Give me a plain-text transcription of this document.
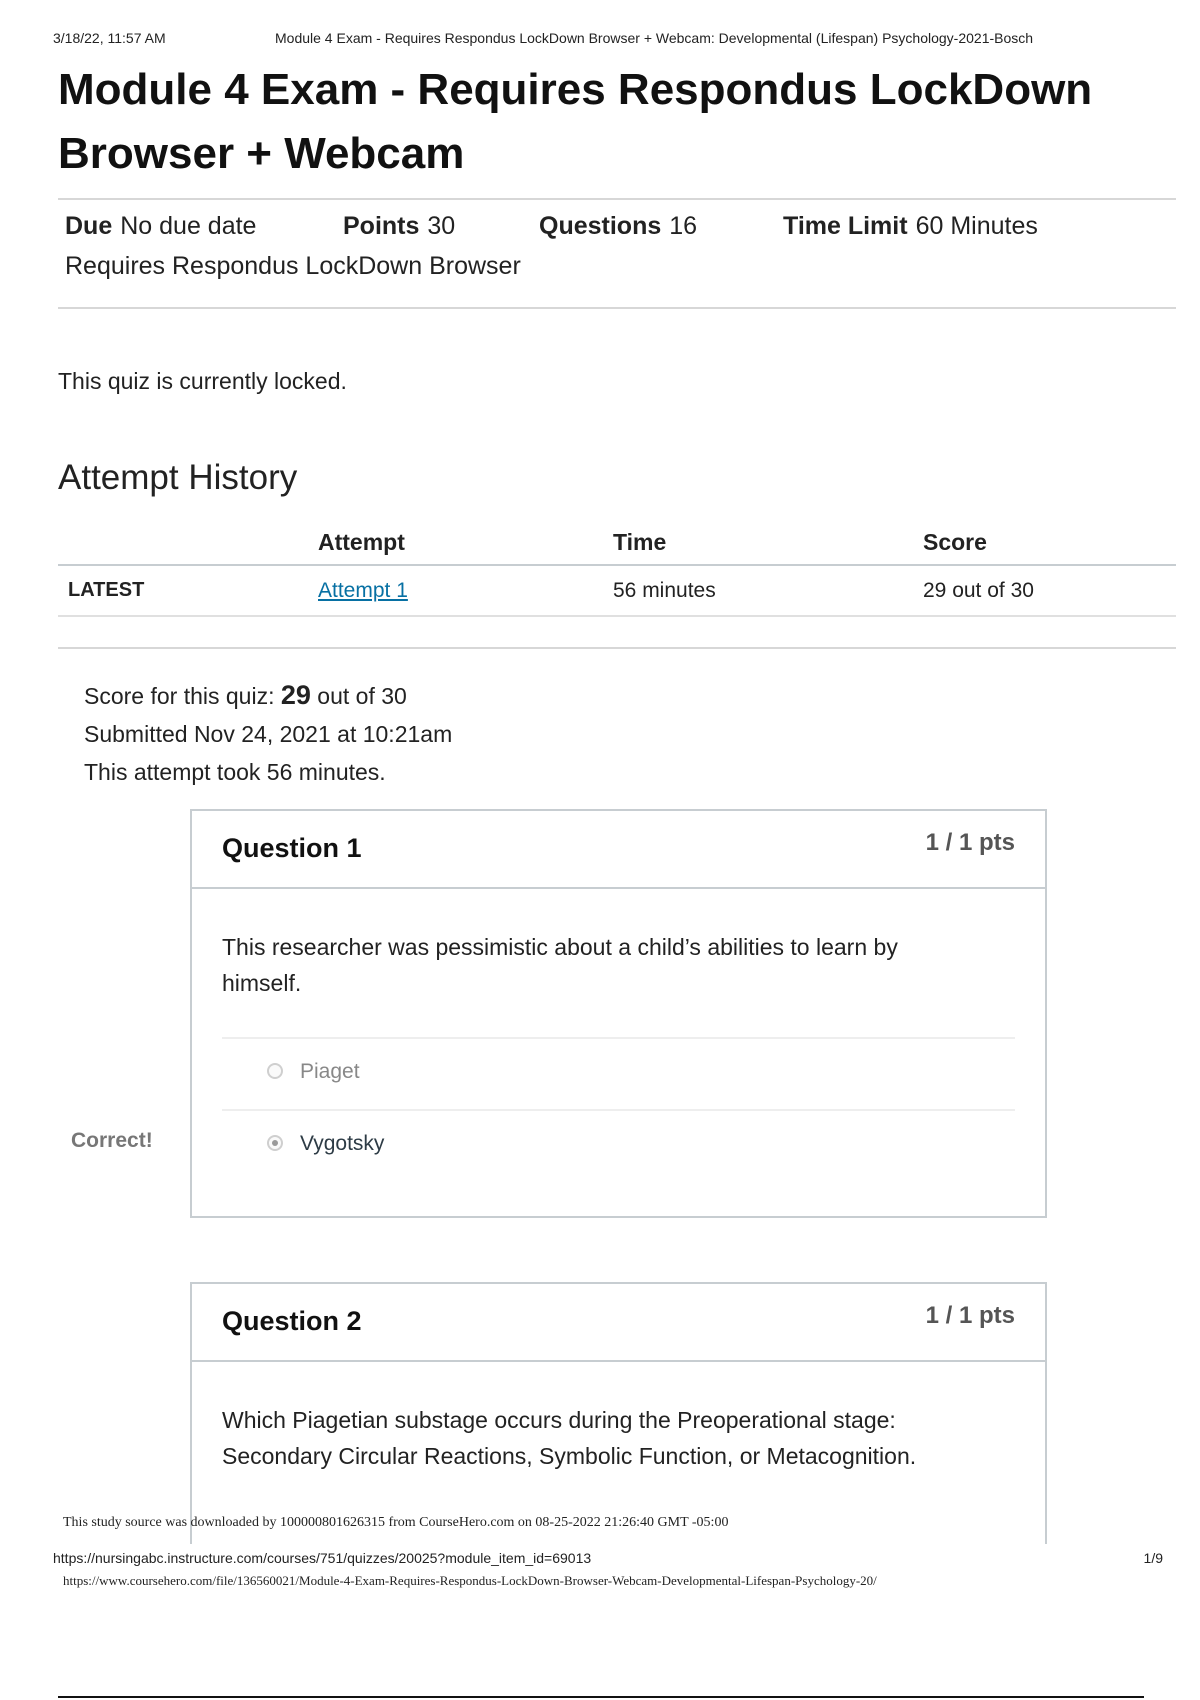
3/18/22, 11:57 AM	Module 4 Exam - Requires Respondus LockDown Browser + Webcam: Developmental (Lifespan) Psychology-2021-Bosch
Module 4 Exam - Requires Respondus LockDown Browser + Webcam
Due No due date	Points 30	Questions 16	Time Limit 60 Minutes
Requires Respondus LockDown Browser
This quiz is currently locked.
Attempt History
	Attempt	Time	Score
LATEST	Attempt 1	56 minutes	29 out of 30
Score for this quiz: 29 out of 30
Submitted Nov 24, 2021 at 10:21am
This attempt took 56 minutes.
Question 1	1 / 1 pts
This researcher was pessimistic about a child’s abilities to learn by himself.
Piaget
Vygotsky
Correct!
Question 2	1 / 1 pts
Which Piagetian substage occurs during the Preoperational stage: Secondary Circular Reactions, Symbolic Function, or Metacognition.
This study source was downloaded by 100000801626315 from CourseHero.com on 08-25-2022 21:26:40 GMT -05:00
https://nursingabc.instructure.com/courses/751/quizzes/20025?module_item_id=69013	1/9
https://www.coursehero.com/file/136560021/Module-4-Exam-Requires-Respondus-LockDown-Browser-Webcam-Developmental-Lifespan-Psychology-20/
